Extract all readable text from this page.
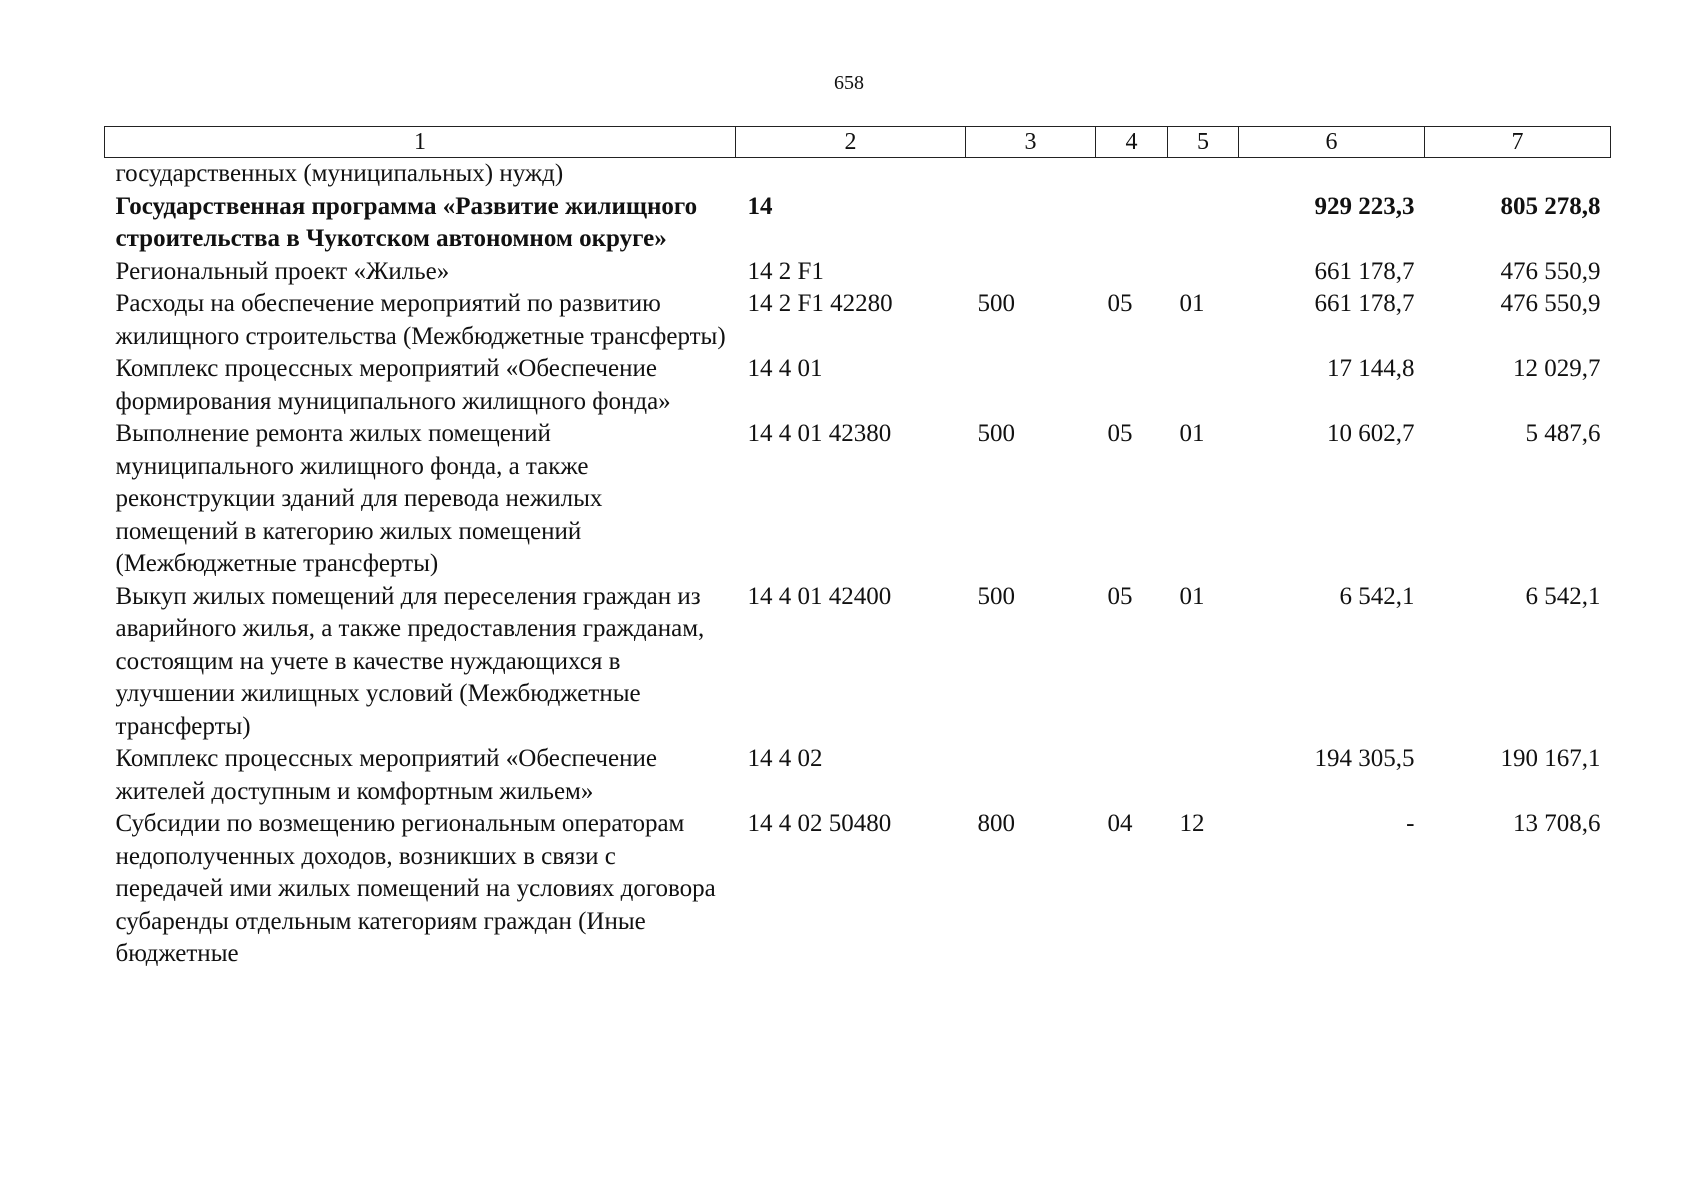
658
1	2	3	4	5	6	7
государственных (муниципальных) нужд)						
Государственная программа «Развитие жилищного строительства в Чукотском автономном округе»	14				929 223,3	805 278,8
Региональный проект «Жилье»	14 2 F1				661 178,7	476 550,9
Расходы на обеспечение мероприятий по развитию жилищного строительства (Межбюджетные трансферты)	14 2 F1 42280	500	05	01	661 178,7	476 550,9
Комплекс процессных мероприятий «Обеспечение формирования муниципального жилищного фонда»	14 4 01				17 144,8	12 029,7
Выполнение ремонта жилых помещений муниципального жилищного фонда, а также реконструкции зданий для перевода нежилых помещений в категорию жилых помещений (Межбюджетные трансферты)	14 4 01 42380	500	05	01	10 602,7	5 487,6
Выкуп жилых помещений для переселения граждан из аварийного жилья, а также предоставления гражданам, состоящим на учете в качестве нуждающихся в улучшении жилищных условий (Межбюджетные трансферты)	14 4 01 42400	500	05	01	6 542,1	6 542,1
Комплекс процессных мероприятий «Обеспечение жителей доступным и комфортным жильем»	14 4 02				194 305,5	190 167,1
Субсидии по возмещению региональным операторам недополученных доходов, возникших в связи с передачей ими жилых помещений на условиях договора субаренды отдельным категориям граждан (Иные бюджетные	14 4 02 50480	800	04	12	-	13 708,6
